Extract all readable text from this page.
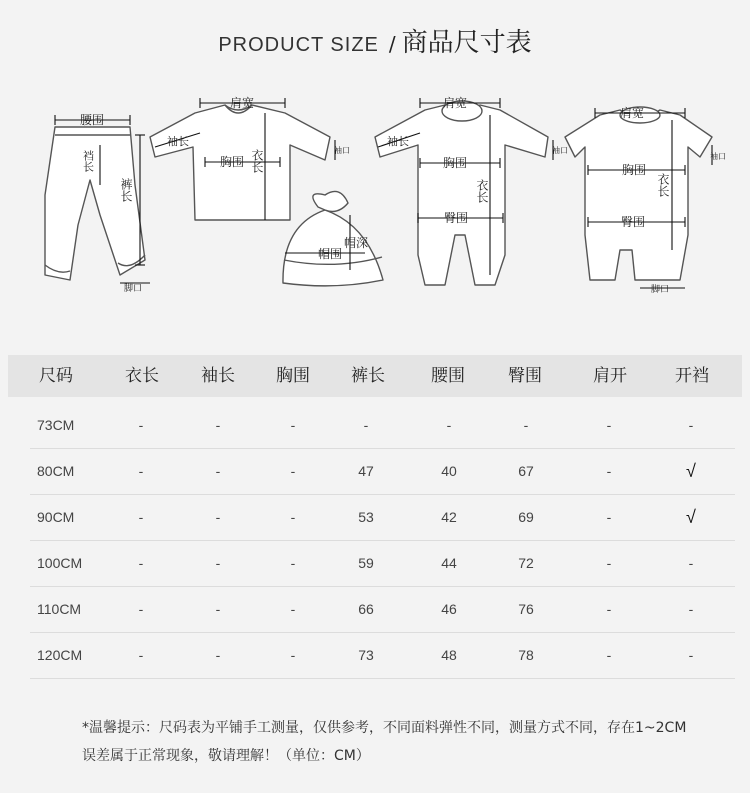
PRODUCT SIZE / 商品尺寸表
腰围
裆长
裤长
脚口
肩宽
袖长
胸围 衣长	袖口
帽围
帽深
肩宽
袖长
袖口
胸围
衣长
臀围
肩宽
袖口
胸围
衣长
臀围
脚口
尺码	衣长 袖长 胸围 裤长	腰围	臀围	肩开	开裆
73CM	-	-	-	-	-	-	-	-
80CM	-	-	-	47	40	67	-	√
90CM	-	-	-	53	42	69	-	√
100CM	-	-	-	59	44	72	-	-
110CM	-	-	-	66	46	76	-	-
120CM	-	-	-	73	48	78	-	-
*温馨提示：尺码表为平铺手工测量，仅供参考，不同面料弹性不同，测量方式不同，存在1~2CM
误差属于正常现象，敬请理解！（单位：CM）
